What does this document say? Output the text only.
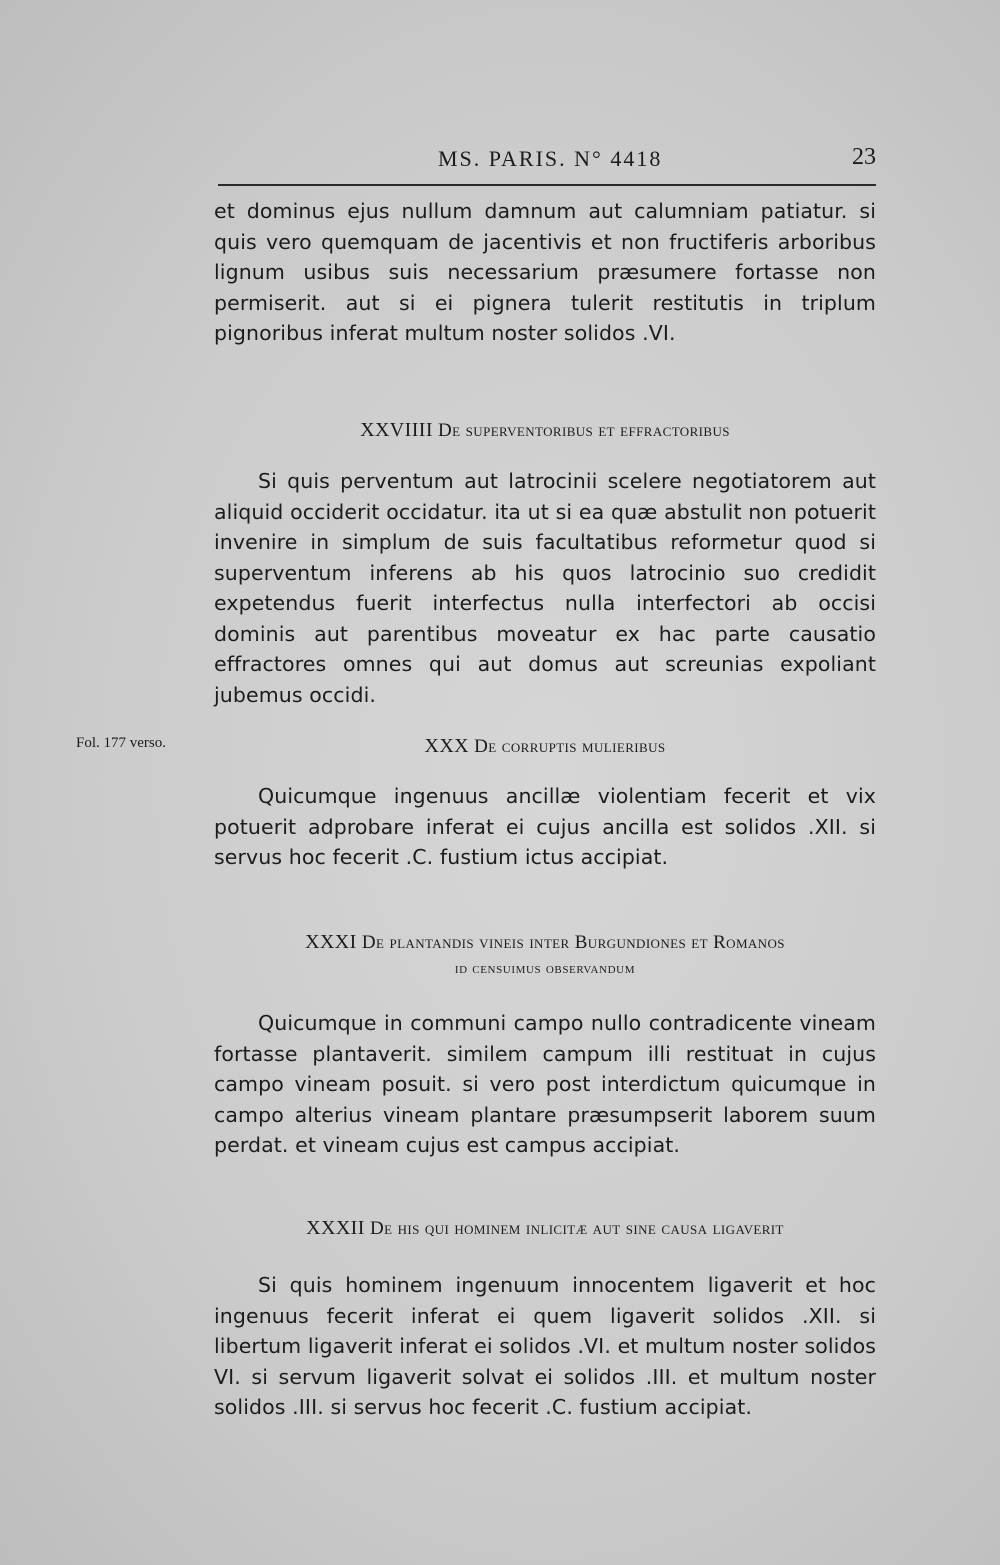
MS. PARIS. N° 4418	23

et dominus ejus nullum damnum aut calumniam patiatur. si quis vero quemquam de jacentivis et non fructiferis arboribus lignum usibus suis necessarium præsumere fortasse non permiserit. aut si ei pignera tulerit restitutis in triplum pignoribus inferat multum noster solidos .VI.

XXVIIII De superventoribus et effractoribus

Si quis perventum aut latrocinii scelere negotiatorem aut aliquid occiderit occidatur. ita ut si ea quæ abstulit non potuerit invenire in simplum de suis facultatibus reformetur quod si superventum inferens ab his quos latrocinio suo credidit expetendus fuerit interfectus nulla interfectori ab occisi dominis aut parentibus moveatur ex hac parte causatio effractores omnes qui aut domus aut screunias expoliant jubemus occidi.

Fol. 177 verso.	XXX De corruptis mulieribus

Quicumque ingenuus ancillæ violentiam fecerit et vix potuerit adprobare inferat ei cujus ancilla est solidos .XII. si servus hoc fecerit .C. fustium ictus accipiat.

XXXI De plantandis vineis inter Burgundiones et Romanos
id censuimus observandum

Quicumque in communi campo nullo contradicente vineam fortasse plantaverit. similem campum illi restituat in cujus campo vineam posuit. si vero post interdictum quicumque in campo alterius vineam plantare præsumpserit laborem suum perdat. et vineam cujus est campus accipiat.

XXXII De his qui hominem inlicitæ aut sine causa ligaverit

Si quis hominem ingenuum innocentem ligaverit et hoc ingenuus fecerit inferat ei quem ligaverit solidos .XII. si libertum ligaverit inferat ei solidos .VI. et multum noster solidos VI. si servum ligaverit solvat ei solidos .III. et multum noster solidos .III. si servus hoc fecerit .C. fustium accipiat.
